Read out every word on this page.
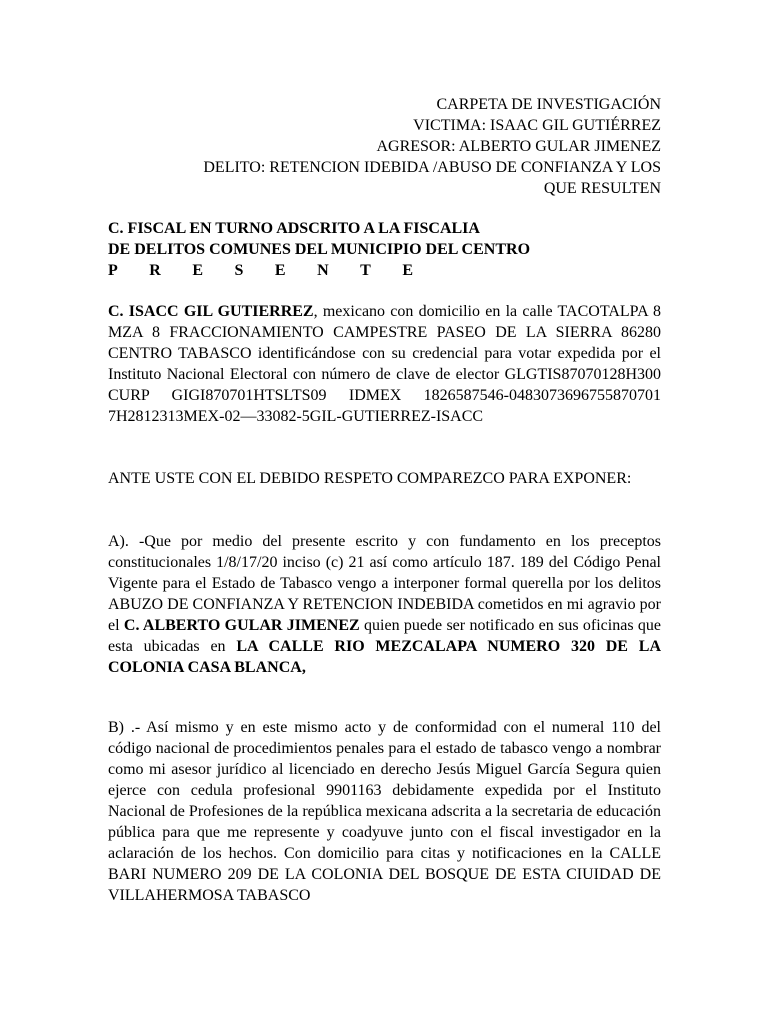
CARPETA DE INVESTIGACIÓN
VICTIMA: ISAAC GIL GUTIÉRREZ
AGRESOR: ALBERTO GULAR JIMENEZ
DELITO: RETENCION IDEBIDA /ABUSO DE CONFIANZA Y LOS
QUE RESULTEN
C. FISCAL EN TURNO ADSCRITO A LA FISCALIA
DE DELITOS COMUNES DEL MUNICIPIO DEL CENTRO
P R E S E N T E
C. ISACC GIL GUTIERREZ, mexicano con domicilio en la calle TACOTALPA 8 MZA 8 FRACCIONAMIENTO CAMPESTRE PASEO DE LA SIERRA 86280 CENTRO TABASCO identificándose con su credencial para votar expedida por el Instituto Nacional Electoral con número de clave de elector GLGTIS87070128H300 CURP GIGI870701HTSLTS09 IDMEX 1826587546-0483073696755870701 7H2812313MEX-02—33082-5GIL-GUTIERREZ-ISACC
ANTE USTE CON EL DEBIDO RESPETO COMPAREZCO PARA EXPONER:
A). -Que por medio del presente escrito y con fundamento en los preceptos constitucionales 1/8/17/20 inciso (c) 21 así como artículo 187. 189 del Código Penal Vigente para el Estado de Tabasco vengo a interponer formal querella por los delitos ABUZO DE CONFIANZA Y RETENCION INDEBIDA cometidos en mi agravio por el C. ALBERTO GULAR JIMENEZ quien puede ser notificado en sus oficinas que esta ubicadas en LA CALLE RIO MEZCALAPA NUMERO 320 DE LA COLONIA CASA BLANCA,
B) .- Así mismo y en este mismo acto y de conformidad con el numeral 110 del código nacional de procedimientos penales para el estado de tabasco vengo a nombrar como mi asesor jurídico al licenciado en derecho Jesús Miguel García Segura quien ejerce con cedula profesional 9901163 debidamente expedida por el Instituto Nacional de Profesiones de la república mexicana adscrita a la secretaria de educación pública para que me represente y coadyuve junto con el fiscal investigador en la aclaración de los hechos. Con domicilio para citas y notificaciones en la CALLE BARI NUMERO 209 DE LA COLONIA DEL BOSQUE DE ESTA CIUIDAD DE VILLAHERMOSA TABASCO
